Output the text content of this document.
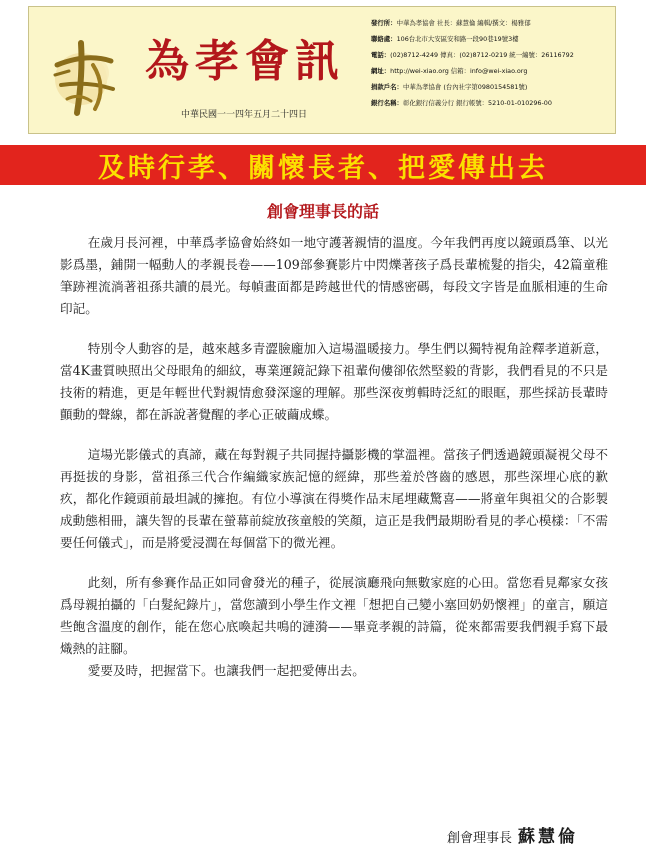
為孝會訊
中華民國一一四年五月二十四日
發行所：中華為孝協會 社長：蘇慧倫 編輯/撰文：楊雅郁
聯絡處：106台北市大安區安和路一段90巷19號3樓
電話：(02)8712-4249 傳真：(02)8712-0219 統一編號：26116792
網址：http://wei-xiao.org 信箱：info@wei-xiao.org
捐款戶名：中華為孝協會 (台內社字第0980154581號)
銀行名稱：彰化銀行信義分行 銀行帳號：5210-01-010296-00
及時行孝、關懷長者、把愛傳出去
創會理事長的話

在歲月長河裡，中華爲孝協會始終如一地守護著親情的溫度。今年我們再度以鏡頭爲筆、以光影爲墨，鋪開一幅動人的孝親長卷——109部參賽影片中閃爍著孩子爲長輩梳髮的指尖，42篇童稚筆跡裡流淌著祖孫共讀的晨光。每幀畫面都是跨越世代的情感密碼，每段文字皆是血脈相連的生命印記。

特別令人動容的是，越來越多青澀臉龐加入這場溫暖接力。學生們以獨特視角詮釋孝道新意，當4K畫質映照出父母眼角的細紋，專業運鏡記錄下祖輩佝僂卻依然堅毅的背影，我們看見的不只是技術的精進，更是年輕世代對親情愈發深邃的理解。那些深夜剪輯時泛紅的眼眶，那些採訪長輩時顫動的聲線，都在訴說著覺醒的孝心正破繭成蝶。

這場光影儀式的真諦，藏在每對親子共同握持攝影機的掌溫裡。當孩子們透過鏡頭凝視父母不再挺拔的身影，當祖孫三代合作編織家族記憶的經緯，那些羞於啓齒的感恩，那些深埋心底的歉疚，都化作鏡頭前最坦誠的擁抱。有位小導演在得獎作品末尾埋藏驚喜——將童年與祖父的合影製成動態相冊，讓失智的長輩在螢幕前綻放孩童般的笑顏，這正是我們最期盼看見的孝心模樣：「不需要任何儀式」，而是將愛浸潤在每個當下的微光裡。

此刻，所有參賽作品正如同會發光的種子，從展演廳飛向無數家庭的心田。當您看見鄰家女孩爲母親拍攝的「白髮紀錄片」，當您讀到小學生作文裡「想把自己變小塞回奶奶懷裡」的童言，願這些飽含溫度的創作，能在您心底喚起共鳴的漣漪——畢竟孝親的詩篇，從來都需要我們親手寫下最熾熱的註腳。

愛要及時，把握當下。也讓我們一起把愛傳出去。

創會理事長 蘇慧倫
